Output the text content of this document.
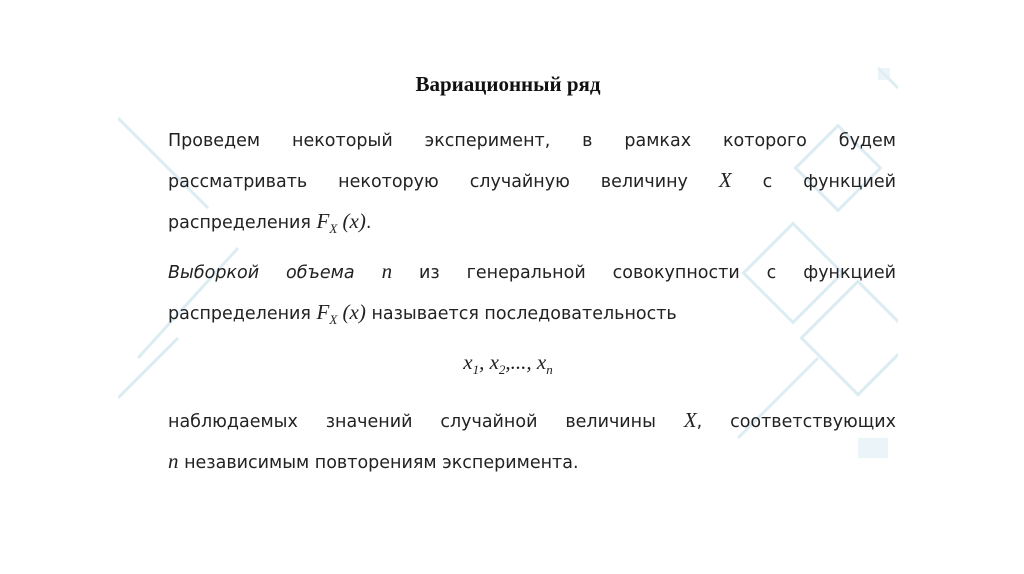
Вариационный ряд
Проведем некоторый эксперимент, в рамках которого будем
рассматривать некоторую случайную величину X с функцией
распределения $F_X$ (x).
Выборкой объема n из генеральной совокупности с функцией
распределения $F_X$ (x) называется последовательность
$x_1$, $x_2$,..., $x_n$
наблюдаемых значений случайной величины X, соответствующих
n независимым повторениям эксперимента.
